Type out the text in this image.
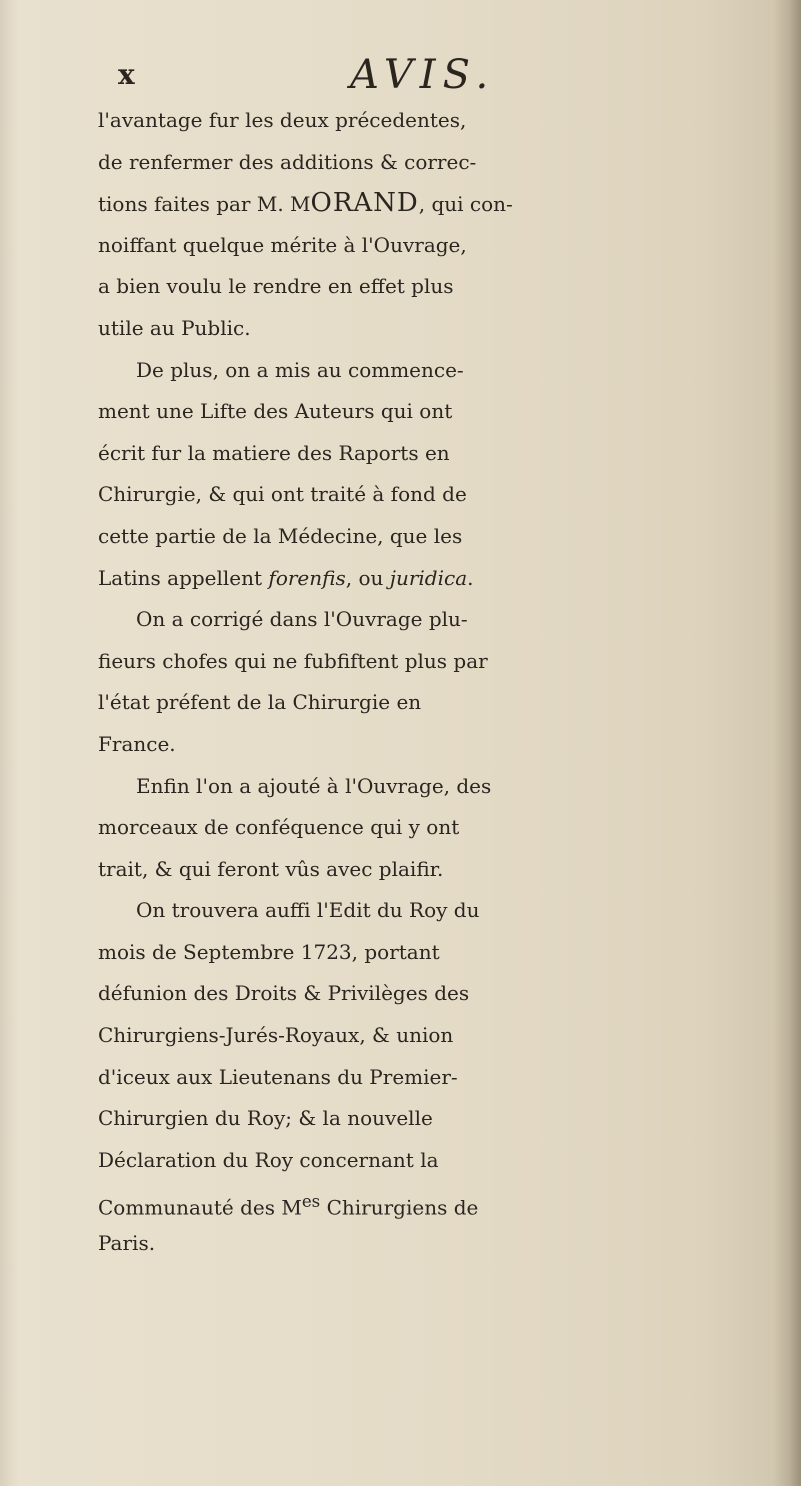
x	AVIS.
l'avantage fur les deux précedentes,
de renfermer des additions & correc-
tions faites par M. MORAND, qui con-
noiffant quelque mérite à l'Ouvrage,
a bien voulu le rendre en effet plus
utile au Public.
De plus, on a mis au commence-
ment une Lifte des Auteurs qui ont
écrit fur la matiere des Raports en
Chirurgie, & qui ont traité à fond de
cette partie de la Médecine, que les
Latins appellent forenfis, ou juridica.
On a corrigé dans l'Ouvrage plu-
fieurs chofes qui ne fubfiftent plus par
l'état préfent de la Chirurgie en
France.
Enfin l'on a ajouté à l'Ouvrage, des
morceaux de conféquence qui y ont
trait, & qui feront vûs avec plaifir.
On trouvera auffi l'Edit du Roy du
mois de Septembre 1723, portant
défunion des Droits & Privilèges des
Chirurgiens-Jurés-Royaux, & union
d'iceux aux Lieutenans du Premier-
Chirurgien du Roy; & la nouvelle
Déclaration du Roy concernant la
Communauté des $M^{es}$ Chirurgiens de
Paris.
